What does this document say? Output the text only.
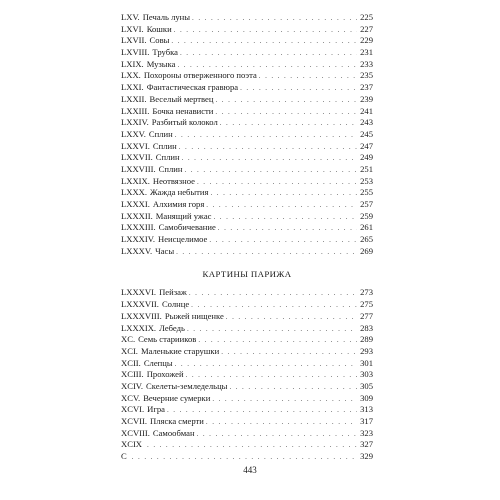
LXV. Печаль луны . . .	225
LXVI. Кошки . . .	227
LXVII. Совы . . .	229
LXVIII. Трубка . . .	231
LXIX. Музыка . . .	233
LXX. Похороны отверженного поэта . . .	235
LXXI. Фантастическая гравюра . . .	237
LXXII. Веселый мертвец . . .	239
LXXIII. Бочка ненависти . . .	241
LXXIV. Разбитый колокол . . .	243
LXXV. Сплин . . .	245
LXXVI. Сплин . . .	247
LXXVII. Сплин . . .	249
LXXVIII. Сплин . . .	251
LXXIX. Неотвязное . . .	253
LXXX. Жажда небытия . . .	255
LXXXI. Алхимия горя . . .	257
LXXXII. Манящий ужас . . .	259
LXXXIII. Самобичевание . . .	261
LXXXIV. Неисцелимое . . .	265
LXXXV. Часы . . .	269
КАРТИНЫ ПАРИЖА
LXXXVI. Пейзаж . . .	273
LXXXVII. Солнце . . .	275
LXXXVIII. Рыжей нищенке . . .	277
LXXXIX. Лебедь . . .	283
XC. Семь старииков . . .	289
XCI. Маленькие старушки . . .	293
XCII. Слепцы . . .	301
XCIII. Прохожей . . .	303
XCIV. Скелеты-земледельцы . . .	305
XCV. Вечерние сумерки . . .	309
XCVI. Игра . . .	313
XCVII. Пляска смерти . . .	317
XCVIII. Самообман . . .	323
XCIX . . .	327
C . . .	329
443
